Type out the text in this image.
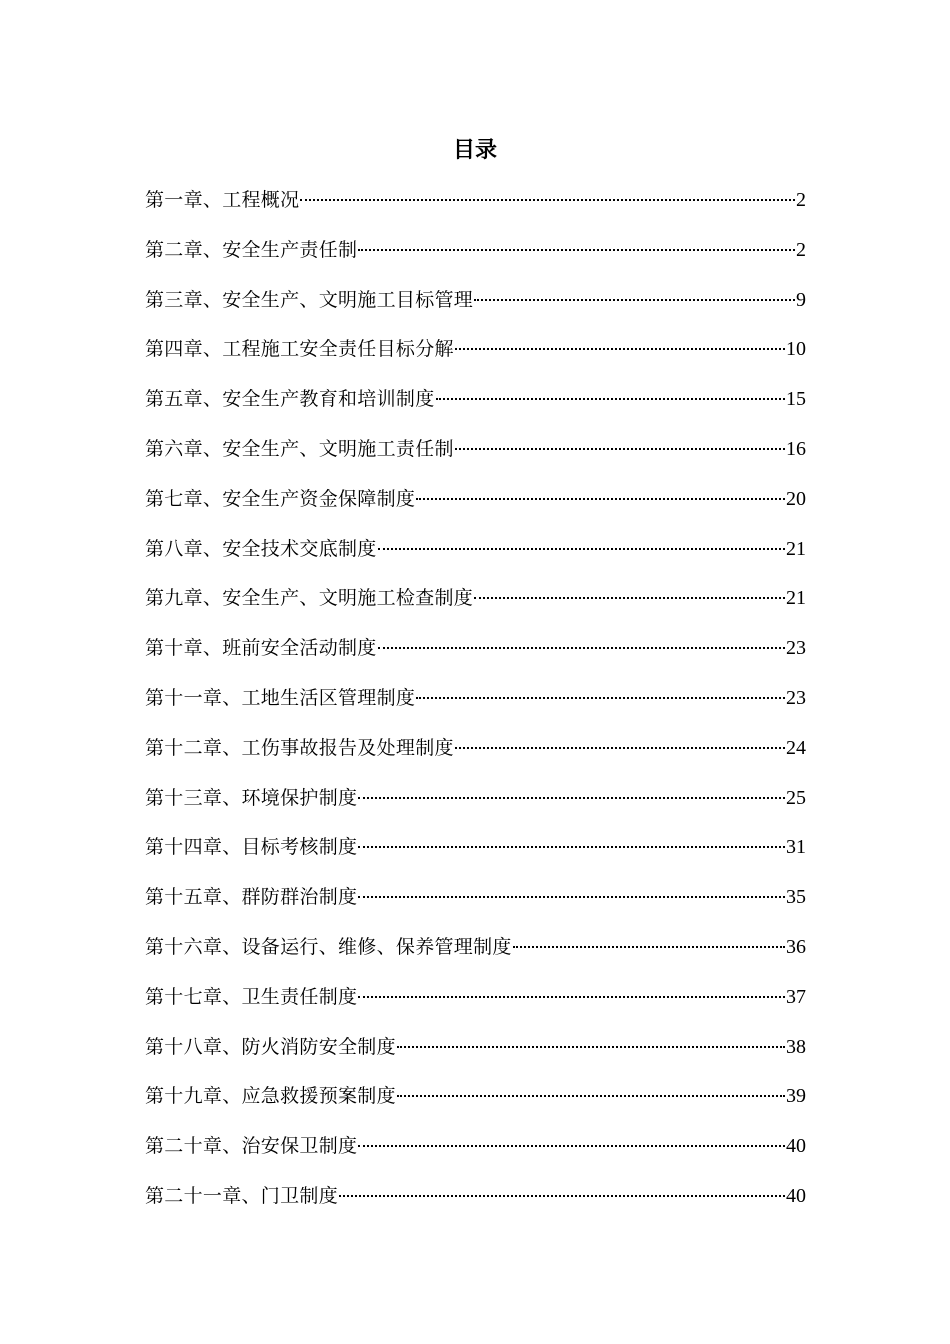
目录
第一章、工程概况	2
第二章、安全生产责任制	2
第三章、安全生产、文明施工目标管理	9
第四章、工程施工安全责任目标分解	10
第五章、安全生产教育和培训制度	15
第六章、安全生产、文明施工责任制	16
第七章、安全生产资金保障制度	20
第八章、安全技术交底制度	21
第九章、安全生产、文明施工检查制度	21
第十章、班前安全活动制度	23
第十一章、工地生活区管理制度	23
第十二章、工伤事故报告及处理制度	24
第十三章、环境保护制度	25
第十四章、目标考核制度	31
第十五章、群防群治制度	35
第十六章、设备运行、维修、保养管理制度	36
第十七章、卫生责任制度	37
第十八章、防火消防安全制度	38
第十九章、应急救援预案制度	39
第二十章、治安保卫制度	40
第二十一章、门卫制度	40
